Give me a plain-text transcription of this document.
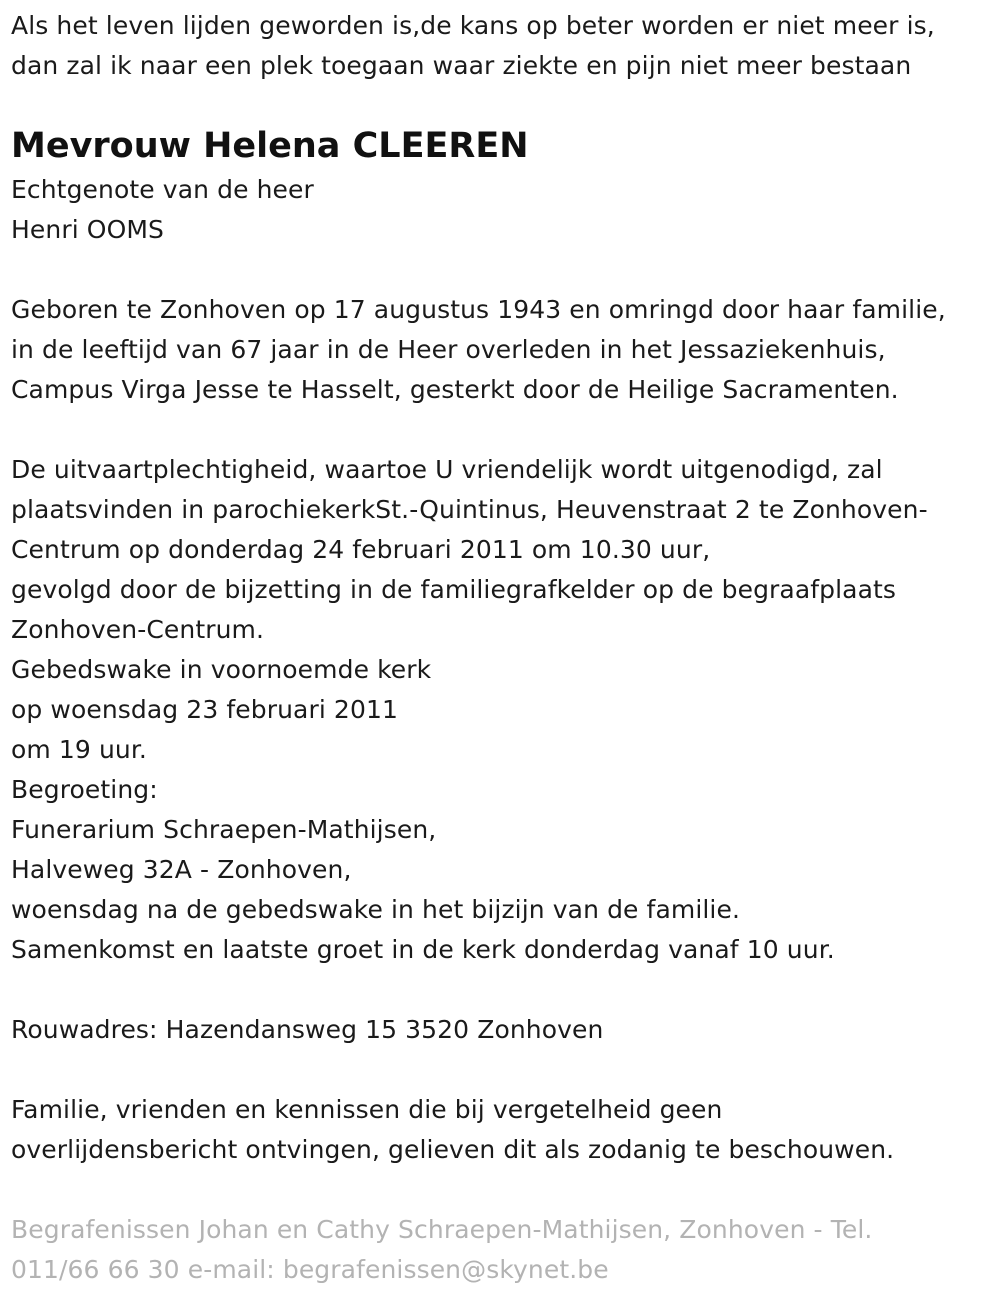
Als het leven lijden geworden is,de kans op beter worden er niet meer is,
dan zal ik naar een plek toegaan waar ziekte en pijn niet meer bestaan
Mevrouw Helena CLEEREN
Echtgenote van de heer
Henri OOMS
Geboren te Zonhoven op 17 augustus 1943 en omringd door haar familie,
in de leeftijd van 67 jaar in de Heer overleden in het Jessaziekenhuis,
Campus Virga Jesse te Hasselt, gesterkt door de Heilige Sacramenten.
De uitvaartplechtigheid, waartoe U vriendelijk wordt uitgenodigd, zal
plaatsvinden in parochiekerkSt.-Quintinus, Heuvenstraat 2 te Zonhoven-
Centrum op donderdag 24 februari 2011 om 10.30 uur,
gevolgd door de bijzetting in de familiegrafkelder op de begraafplaats
Zonhoven-Centrum.
Gebedswake in voornoemde kerk
op woensdag 23 februari 2011
om 19 uur.
Begroeting:
Funerarium Schraepen-Mathijsen,
Halveweg 32A - Zonhoven,
woensdag na de gebedswake in het bijzijn van de familie.
Samenkomst en laatste groet in de kerk donderdag vanaf 10 uur.
Rouwadres: Hazendansweg 15 3520 Zonhoven
Familie, vrienden en kennissen die bij vergetelheid geen
overlijdensbericht ontvingen, gelieven dit als zodanig te beschouwen.
Begrafenissen Johan en Cathy Schraepen-Mathijsen, Zonhoven - Tel.
011/66 66 30 e-mail: begrafenissen@skynet.be
